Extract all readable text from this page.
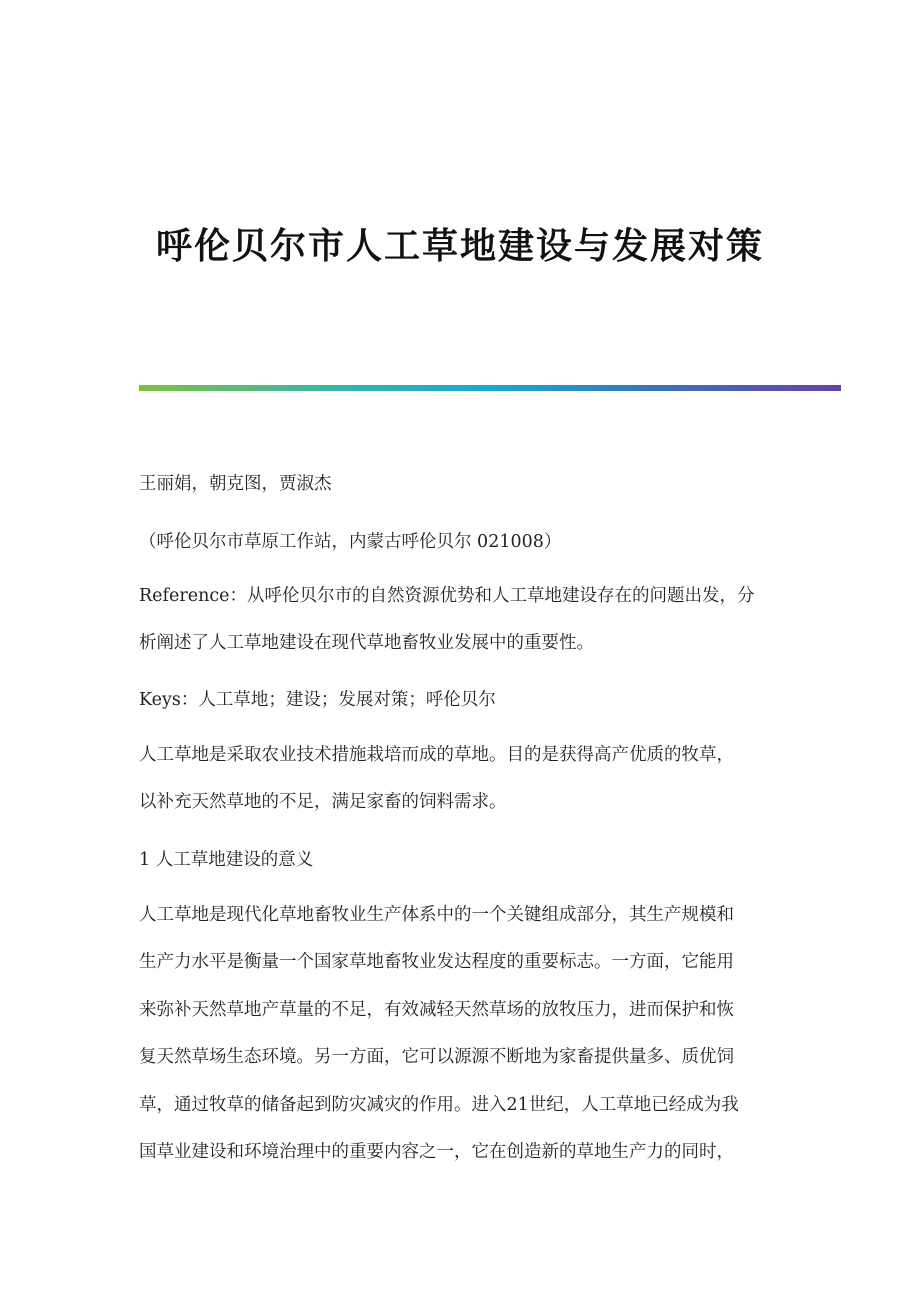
呼伦贝尔市人工草地建设与发展对策
王丽娟，朝克图，贾淑杰
（呼伦贝尔市草原工作站，内蒙古呼伦贝尔 021008）
Reference：从呼伦贝尔市的自然资源优势和人工草地建设存在的问题出发，分
析阐述了人工草地建设在现代草地畜牧业发展中的重要性。
Keys：人工草地；建设；发展对策；呼伦贝尔
人工草地是采取农业技术措施栽培而成的草地。目的是获得高产优质的牧草，
以补充天然草地的不足，满足家畜的饲料需求。
1 人工草地建设的意义
人工草地是现代化草地畜牧业生产体系中的一个关键组成部分，其生产规模和
生产力水平是衡量一个国家草地畜牧业发达程度的重要标志。一方面，它能用
来弥补天然草地产草量的不足，有效减轻天然草场的放牧压力，进而保护和恢
复天然草场生态环境。另一方面，它可以源源不断地为家畜提供量多、质优饲
草，通过牧草的储备起到防灾减灾的作用。进入21世纪，人工草地已经成为我
国草业建设和环境治理中的重要内容之一，它在创造新的草地生产力的同时，
